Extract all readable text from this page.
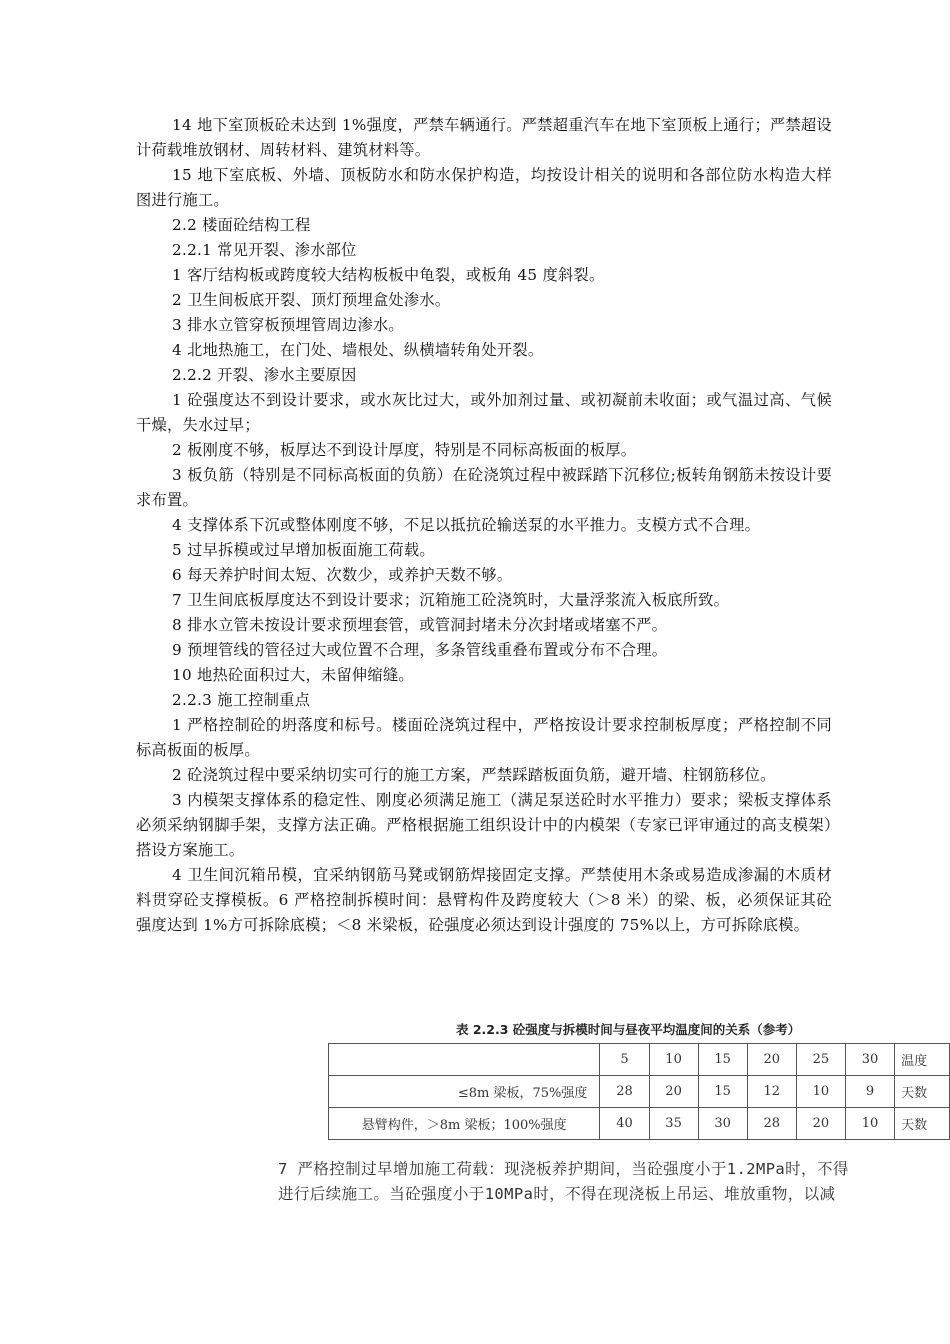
14 地下室顶板砼未达到 1%强度，严禁车辆通行。严禁超重汽车在地下室顶板上通行；严禁超设计荷载堆放钢材、周转材料、建筑材料等。

15 地下室底板、外墙、顶板防水和防水保护构造，均按设计相关的说明和各部位防水构造大样图进行施工。

2.2 楼面砼结构工程

2.2.1 常见开裂、渗水部位

1 客厅结构板或跨度较大结构板板中龟裂，或板角 45 度斜裂。

2 卫生间板底开裂、顶灯预埋盒处渗水。

3 排水立管穿板预埋管周边渗水。

4 北地热施工，在门处、墙根处、纵横墙转角处开裂。

2.2.2 开裂、渗水主要原因

1 砼强度达不到设计要求，或水灰比过大，或外加剂过量、或初凝前未收面；或气温过高、气候干燥，失水过早；

2 板刚度不够，板厚达不到设计厚度，特别是不同标高板面的板厚。

3 板负筋（特别是不同标高板面的负筋）在砼浇筑过程中被踩踏下沉移位;板转角钢筋未按设计要求布置。

4 支撑体系下沉或整体刚度不够，不足以抵抗砼输送泵的水平推力。支模方式不合理。

5 过早拆模或过早增加板面施工荷载。

6 每天养护时间太短、次数少，或养护天数不够。

7 卫生间底板厚度达不到设计要求；沉箱施工砼浇筑时，大量浮浆流入板底所致。

8 排水立管未按设计要求预埋套管，或管洞封堵未分次封堵或堵塞不严。

9 预埋管线的管径过大或位置不合理，多条管线重叠布置或分布不合理。

10 地热砼面积过大，未留伸缩缝。

2.2.3 施工控制重点

1 严格控制砼的坍落度和标号。楼面砼浇筑过程中，严格按设计要求控制板厚度；严格控制不同标高板面的板厚。

2 砼浇筑过程中要采纳切实可行的施工方案，严禁踩踏板面负筋，避开墙、柱钢筋移位。

3 内模架支撑体系的稳定性、刚度必须满足施工（满足泵送砼时水平推力）要求；梁板支撑体系必须采纳钢脚手架，支撑方法正确。严格根据施工组织设计中的内模架（专家已评审通过的高支模架）搭设方案施工。

4 卫生间沉箱吊模，宜采纳钢筋马凳或钢筋焊接固定支撑。严禁使用木条或易造成渗漏的木质材料贯穿砼支撑模板。6 严格控制拆模时间：悬臂构件及跨度较大（＞8 米）的梁、板，必须保证其砼强度达到 1%方可拆除底模；＜8 米梁板，砼强度必须达到设计强度的 75%以上，方可拆除底模。

表 2.2.3 砼强度与拆模时间与昼夜平均温度间的关系（参考）
	5	10	15	20	25	30	温度
≤8m 梁板，75%强度	28	20	15	12	10	9	天数
悬臂构件，＞8m 梁板；100%强度	40	35	30	28	20	10	天数

7 严格控制过早增加施工荷载：现浇板养护期间，当砼强度小于1.2MPa时，不得

进行后续施工。当砼强度小于10MPa时，不得在现浇板上吊运、堆放重物，以减
